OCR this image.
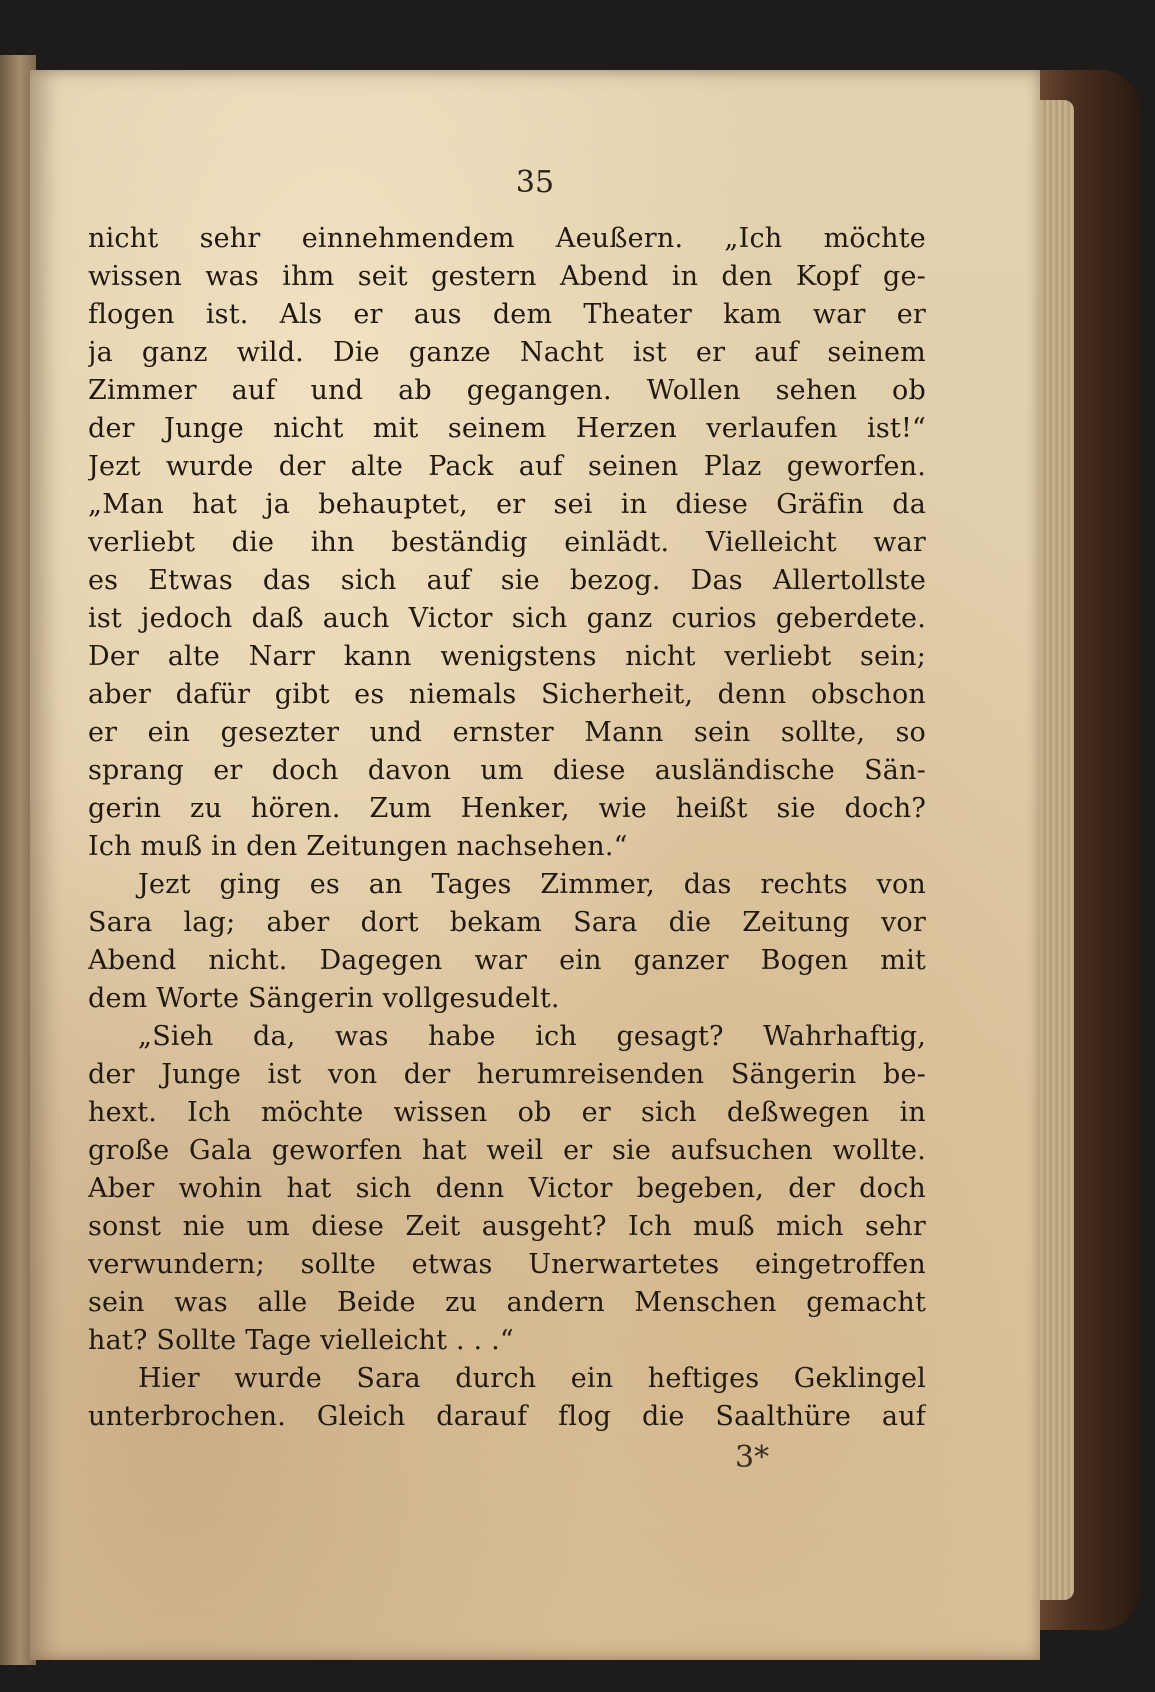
35

nicht sehr einnehmendem Aeußern. „Ich möchte
wissen was ihm seit gestern Abend in den Kopf ge-
flogen ist. Als er aus dem Theater kam war er
ja ganz wild. Die ganze Nacht ist er auf seinem
Zimmer auf und ab gegangen. Wollen sehen ob
der Junge nicht mit seinem Herzen verlaufen ist!“
Jezt wurde der alte Pack auf seinen Plaz geworfen.
„Man hat ja behauptet, er sei in diese Gräfin da
verliebt die ihn beständig einlädt. Vielleicht war
es Etwas das sich auf sie bezog. Das Allertollste
ist jedoch daß auch Victor sich ganz curios geberdete.
Der alte Narr kann wenigstens nicht verliebt sein;
aber dafür gibt es niemals Sicherheit, denn obschon
er ein gesezter und ernster Mann sein sollte, so
sprang er doch davon um diese ausländische Sän-
gerin zu hören. Zum Henker, wie heißt sie doch?
Ich muß in den Zeitungen nachsehen.“
Jezt ging es an Tages Zimmer, das rechts von
Sara lag; aber dort bekam Sara die Zeitung vor
Abend nicht. Dagegen war ein ganzer Bogen mit
dem Worte Sängerin vollgesudelt.
„Sieh da, was habe ich gesagt? Wahrhaftig,
der Junge ist von der herumreisenden Sängerin be-
hext. Ich möchte wissen ob er sich deßwegen in
große Gala geworfen hat weil er sie aufsuchen wollte.
Aber wohin hat sich denn Victor begeben, der doch
sonst nie um diese Zeit ausgeht? Ich muß mich sehr
verwundern; sollte etwas Unerwartetes eingetroffen
sein was alle Beide zu andern Menschen gemacht
hat? Sollte Tage vielleicht . . .“
Hier wurde Sara durch ein heftiges Geklingel
unterbrochen. Gleich darauf flog die Saalthüre auf

3*
